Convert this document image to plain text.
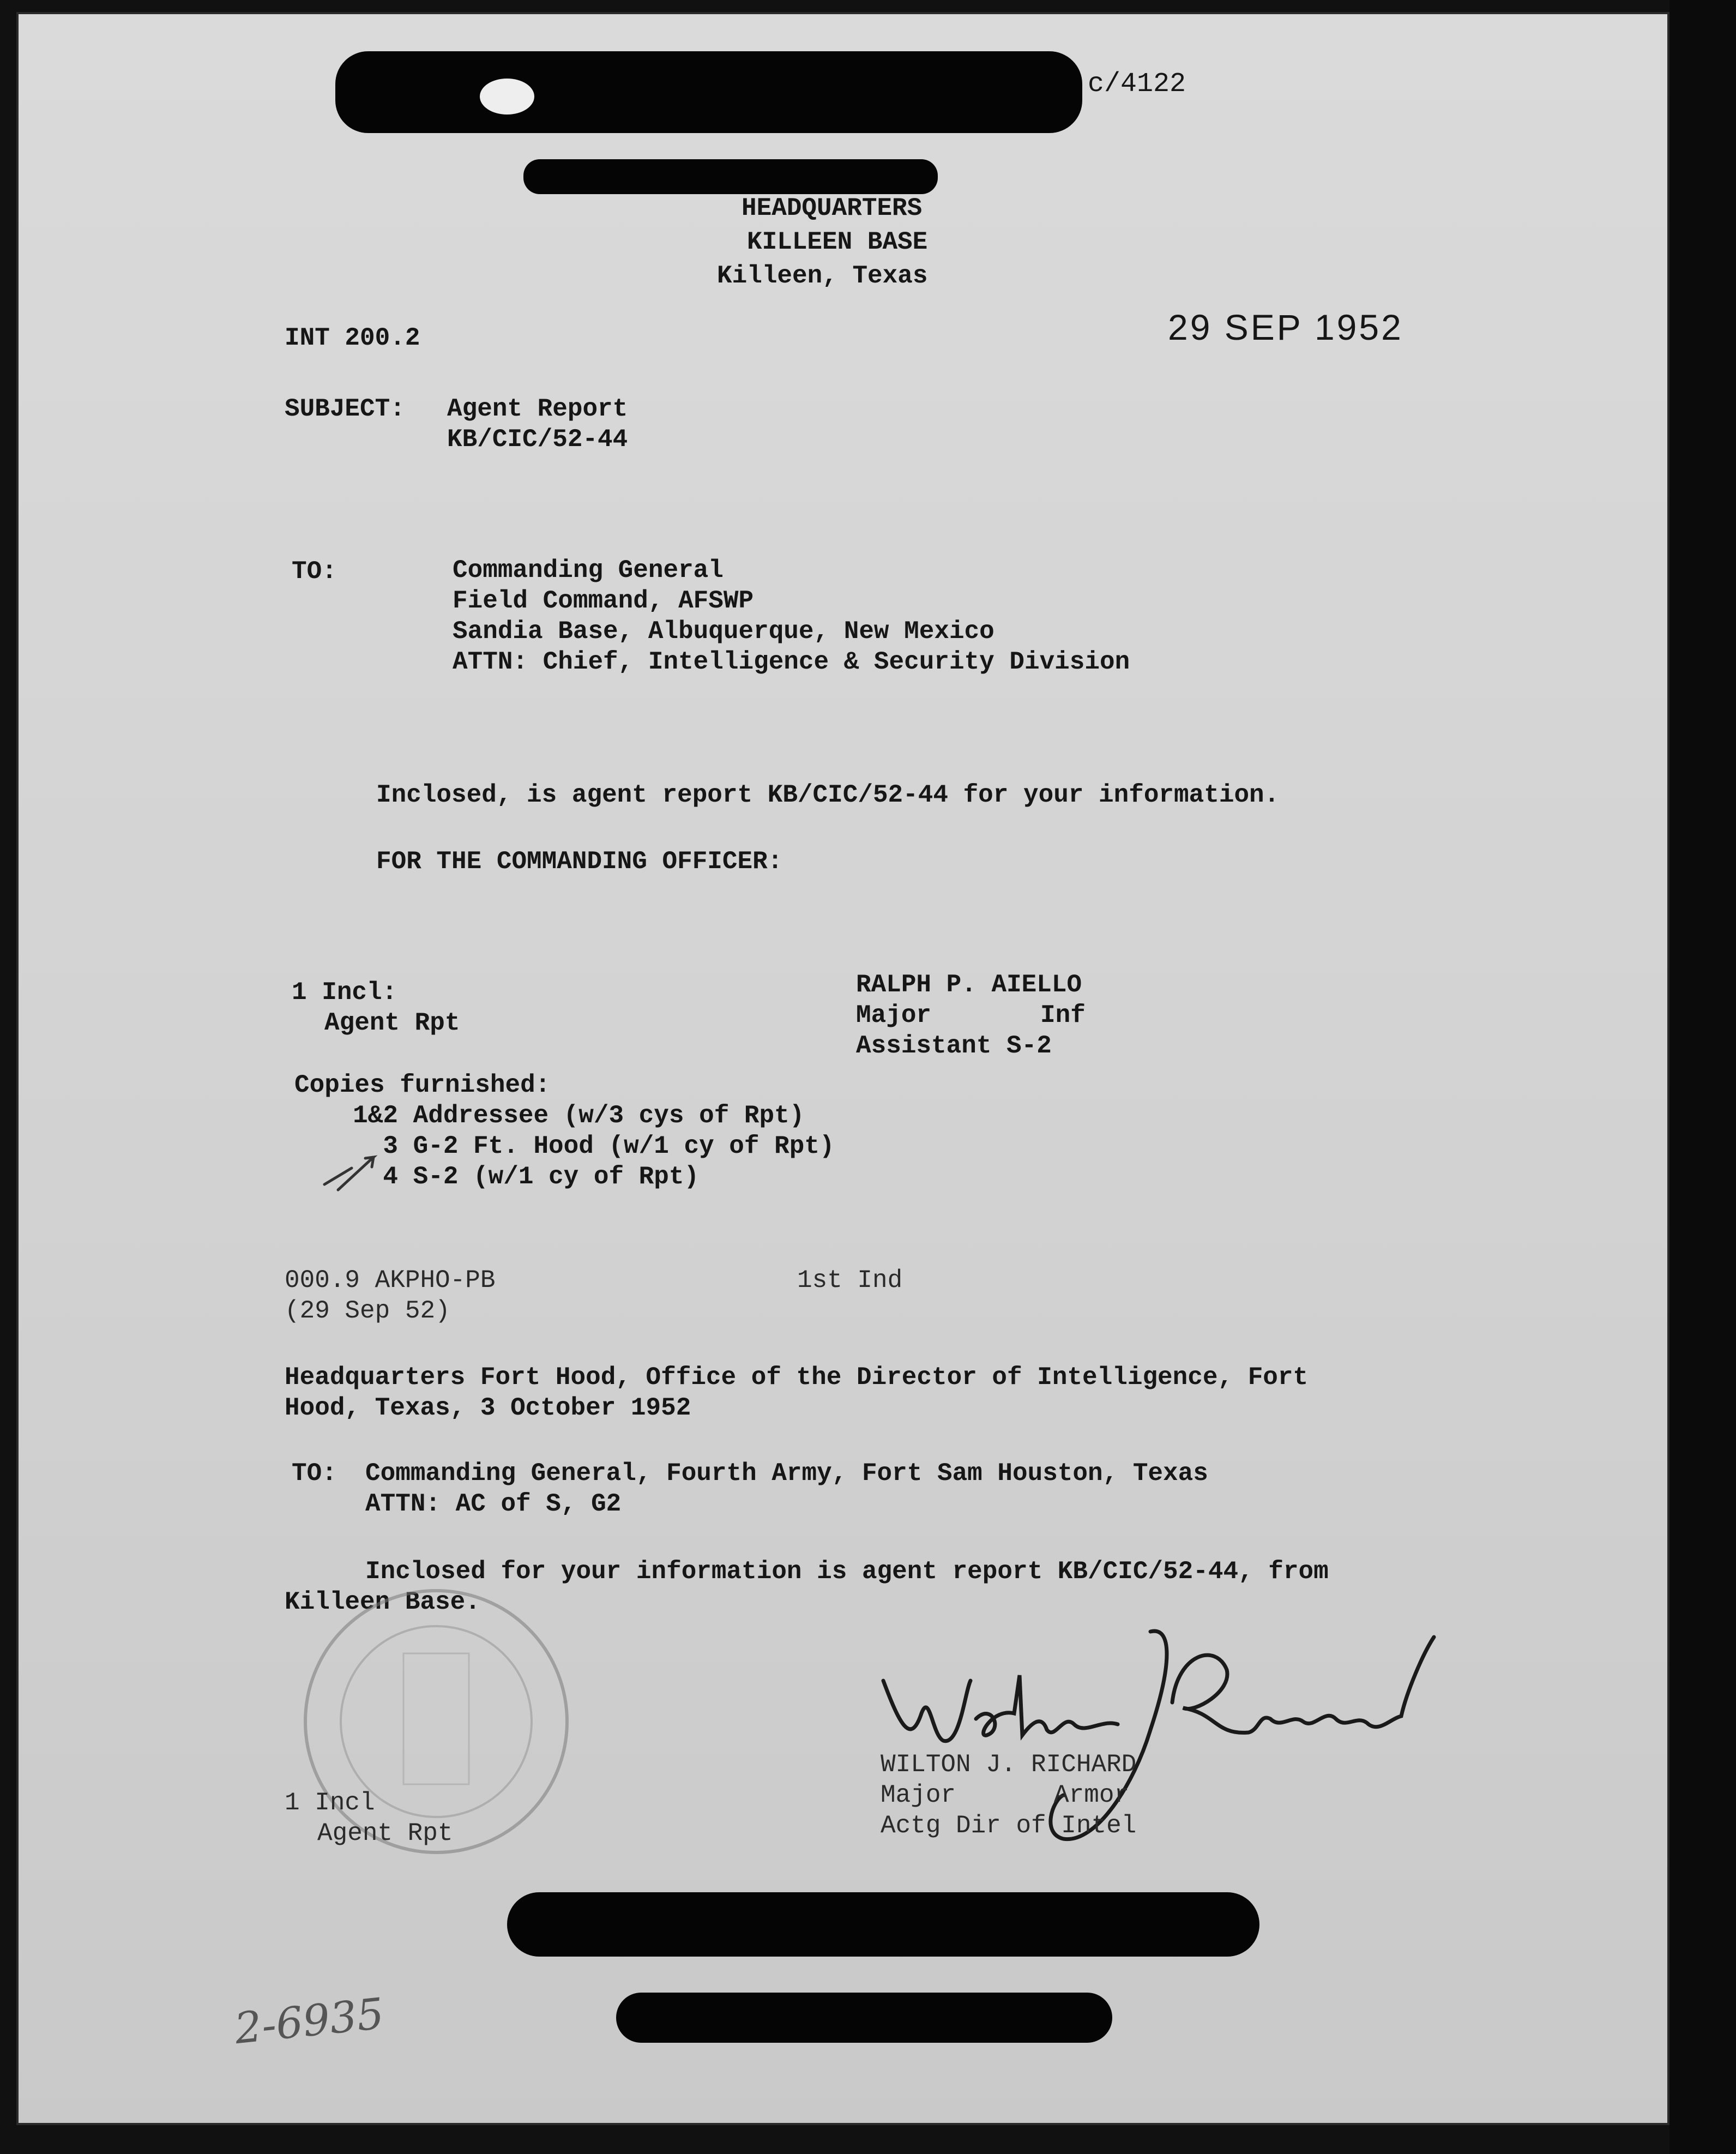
c/4122
HEADQUARTERS
KILLEEN BASE
Killeen, Texas
INT 200.2	29 SEP 1952
SUBJECT: Agent Report
KB/CIC/52-44
TO:	Commanding General
Field Command, AFSWP
Sandia Base, Albuquerque, New Mexico
ATTN: Chief, Intelligence & Security Division
Inclosed, is agent report KB/CIC/52-44 for your information.
FOR THE COMMANDING OFFICER:
1 Incl:
Agent Rpt
RALPH P. AIELLO
Major	Inf
Assistant S-2
Copies furnished:
1&2 Addressee (w/3 cys of Rpt)
3 G-2 Ft. Hood (w/1 cy of Rpt)
4 S-2 (w/1 cy of Rpt)
000.9 AKPHO-PB
(29 Sep 52)
1st Ind
Headquarters Fort Hood, Office of the Director of Intelligence, Fort
Hood, Texas, 3 October 1952
TO: Commanding General, Fourth Army, Fort Sam Houston, Texas
ATTN: AC of S, G2
Inclosed for your information is agent report KB/CIC/52-44, from
Killeen Base.
1 Incl
Agent Rpt
WILTON J. RICHARD
Major	Armor
Actg Dir of Intel
2-6935
